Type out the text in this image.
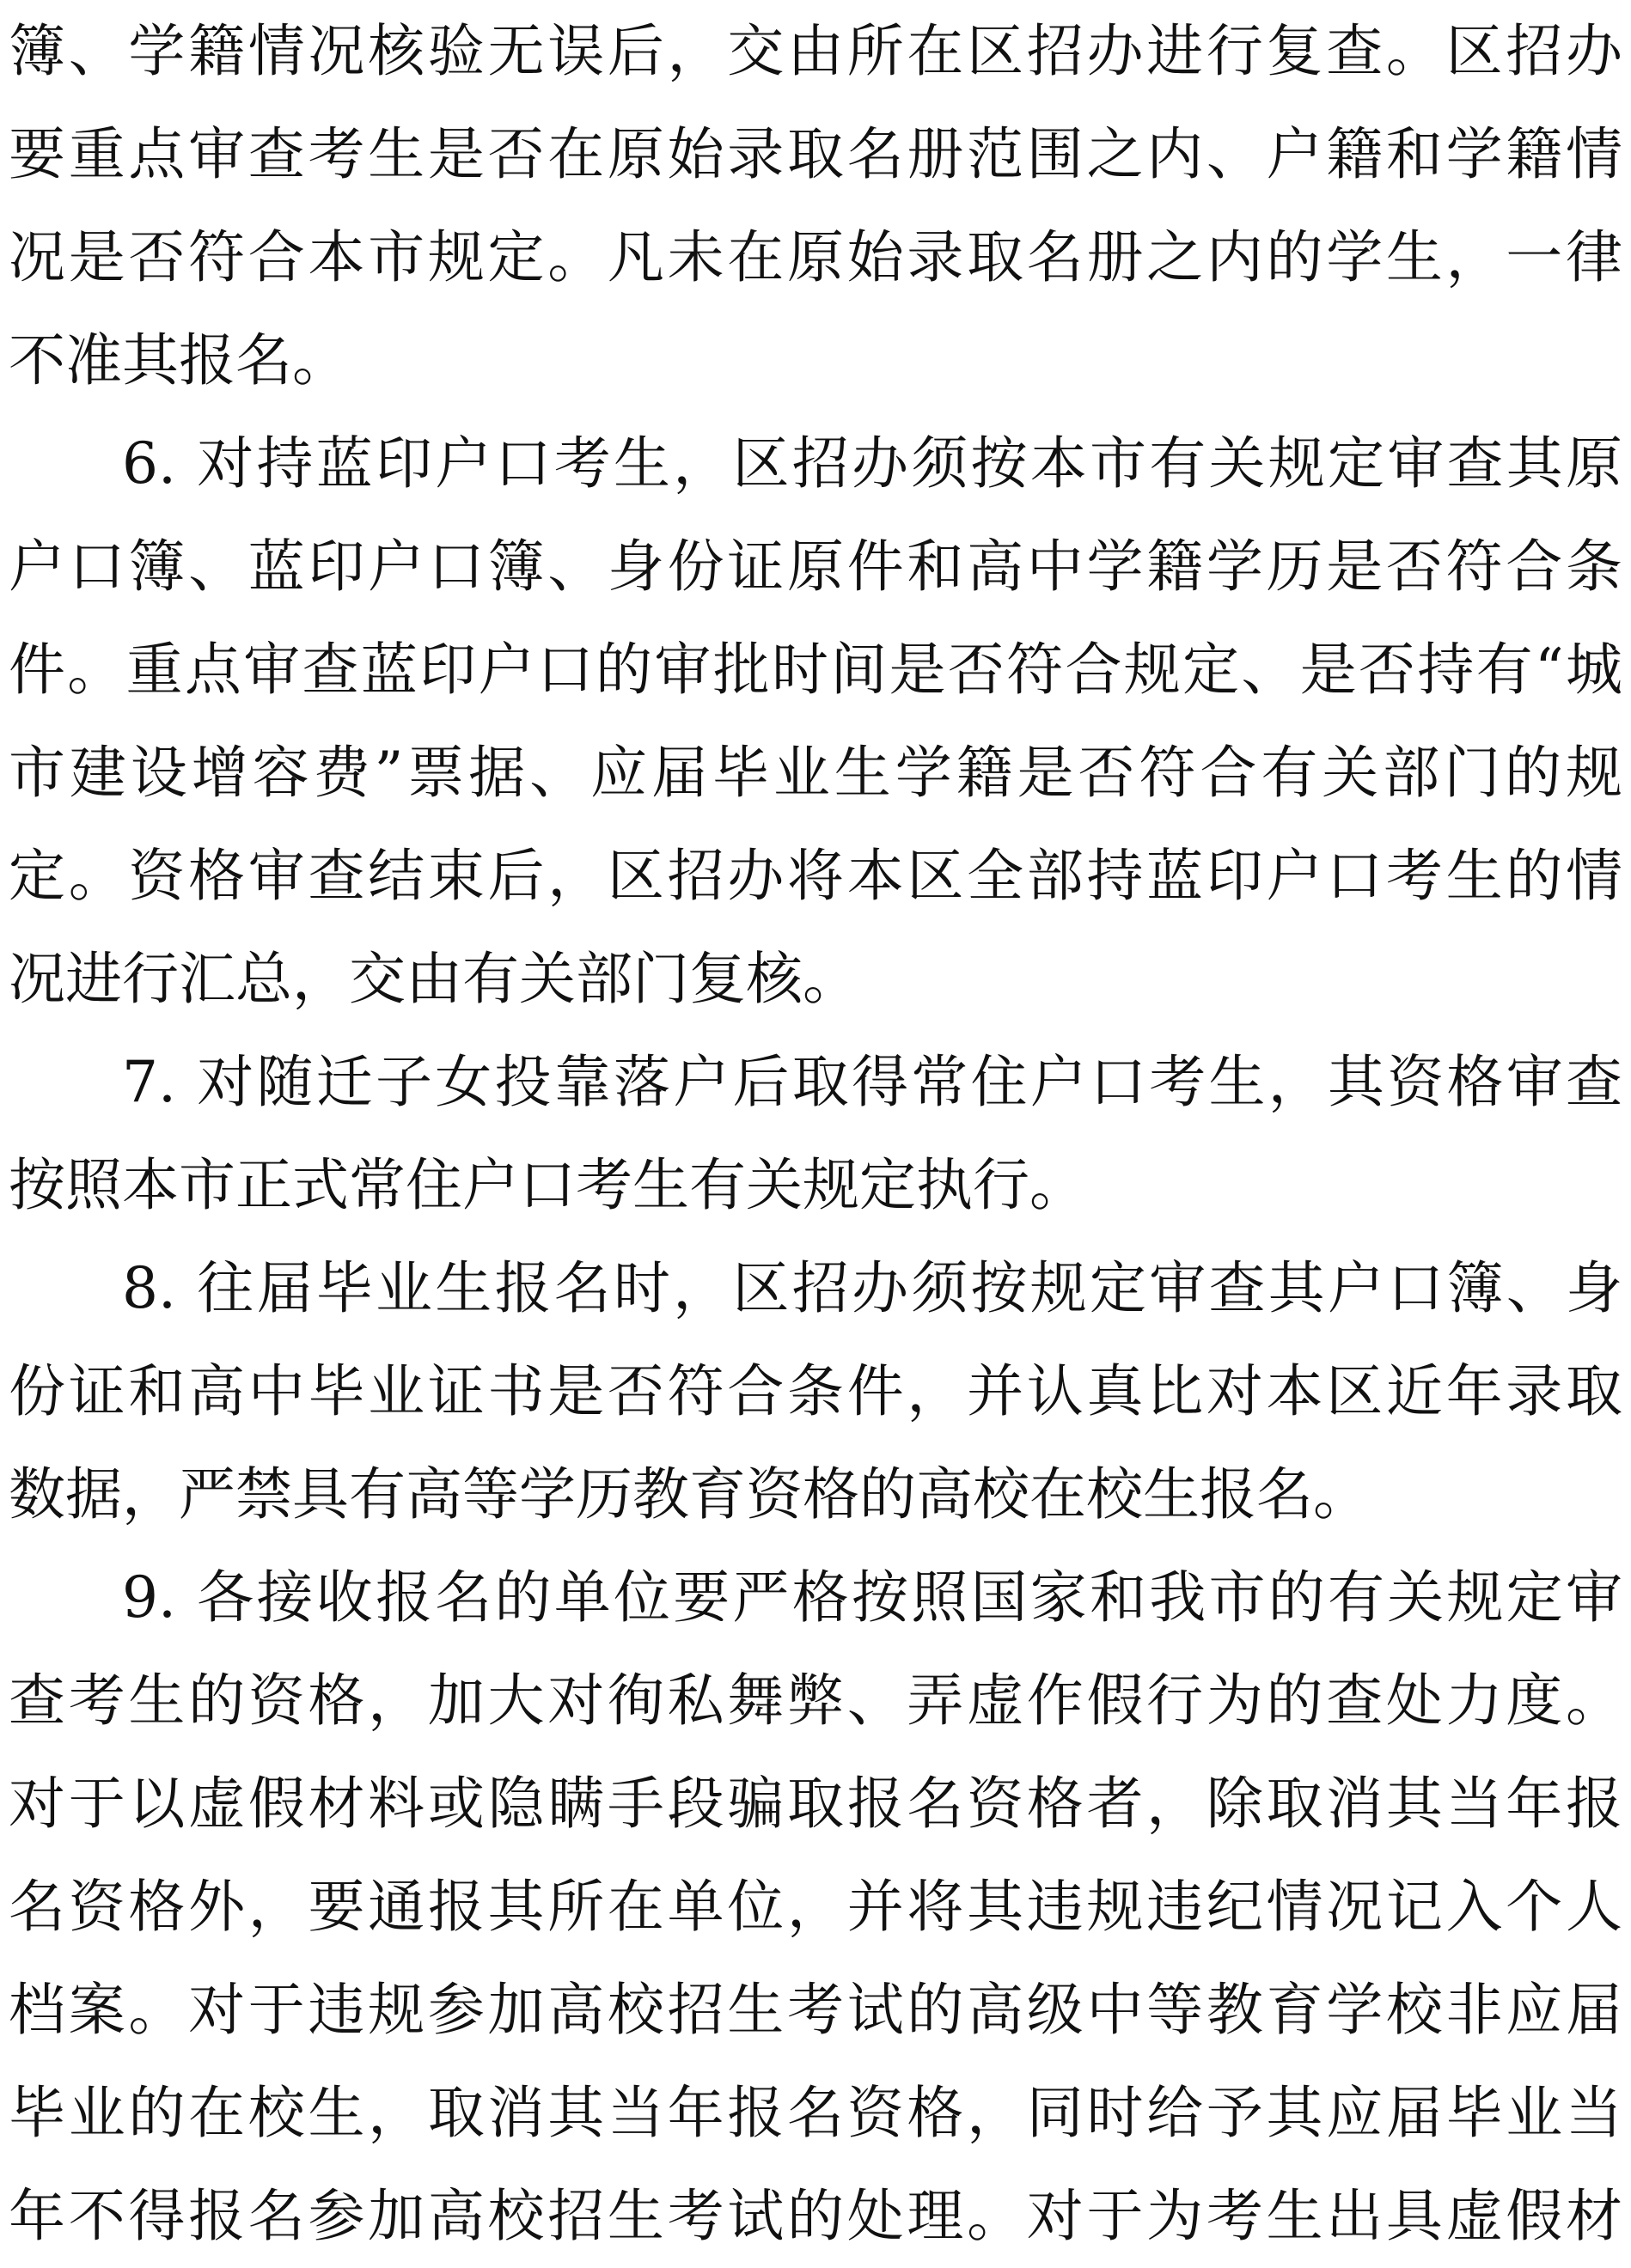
簿、学籍情况核验无误后，交由所在区招办进行复查。区招办
要重点审查考生是否在原始录取名册范围之内、户籍和学籍情
况是否符合本市规定。凡未在原始录取名册之内的学生，一律
不准其报名。
6. 对持蓝印户口考生，区招办须按本市有关规定审查其原
户口簿、蓝印户口簿、身份证原件和高中学籍学历是否符合条
件。重点审查蓝印户口的审批时间是否符合规定、是否持有“城
市建设增容费”票据、应届毕业生学籍是否符合有关部门的规
定。资格审查结束后，区招办将本区全部持蓝印户口考生的情
况进行汇总，交由有关部门复核。
7. 对随迁子女投靠落户后取得常住户口考生，其资格审查
按照本市正式常住户口考生有关规定执行。
8. 往届毕业生报名时，区招办须按规定审查其户口簿、身
份证和高中毕业证书是否符合条件，并认真比对本区近年录取
数据，严禁具有高等学历教育资格的高校在校生报名。
9. 各接收报名的单位要严格按照国家和我市的有关规定审
查考生的资格，加大对徇私舞弊、弄虚作假行为的查处力度。
对于以虚假材料或隐瞒手段骗取报名资格者，除取消其当年报
名资格外，要通报其所在单位，并将其违规违纪情况记入个人
档案。对于违规参加高校招生考试的高级中等教育学校非应届
毕业的在校生，取消其当年报名资格，同时给予其应届毕业当
年不得报名参加高校招生考试的处理。对于为考生出具虚假材
